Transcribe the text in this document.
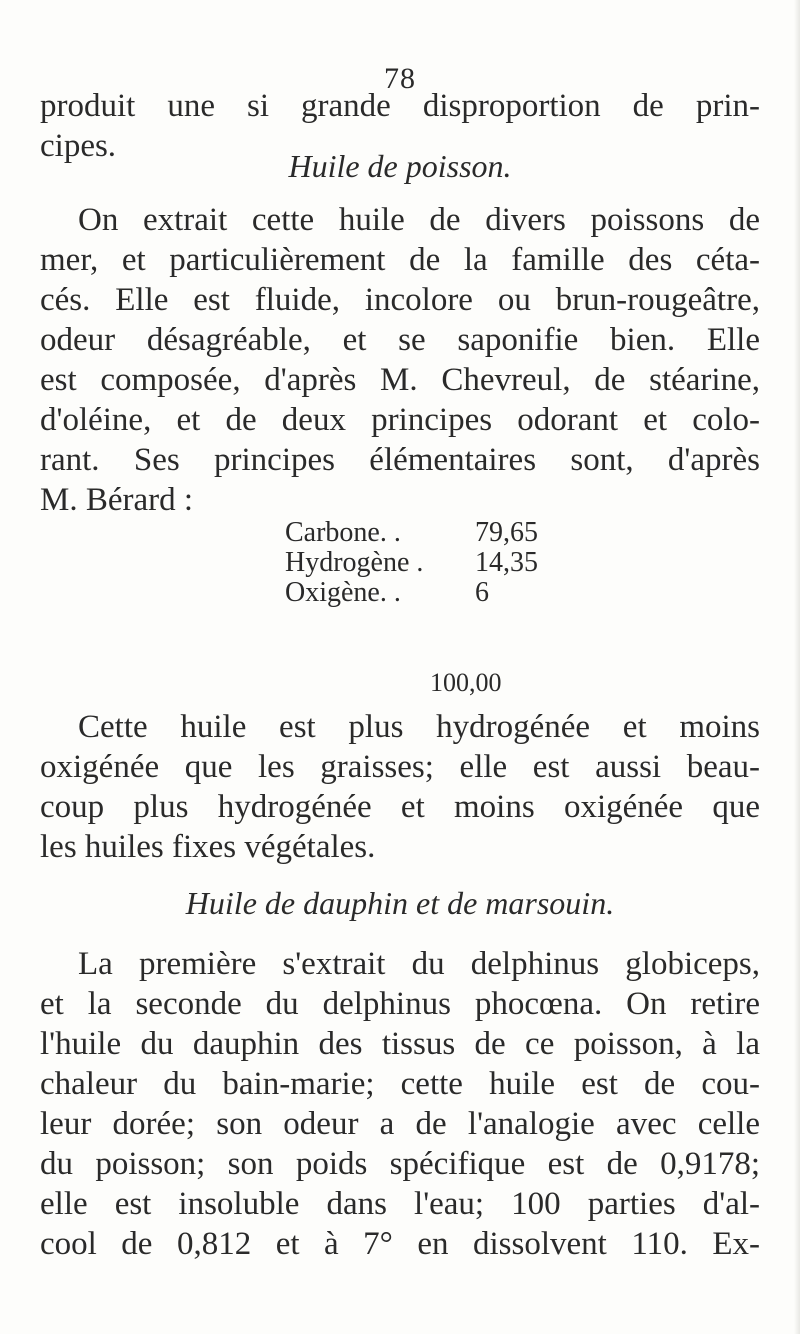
78
produit une si grande disproportion de prin-
cipes.
Huile de poisson.
On extrait cette huile de divers poissons de
mer, et particulièrement de la famille des céta-
cés. Elle est fluide, incolore ou brun-rougeâtre,
odeur désagréable, et se saponifie bien. Elle
est composée, d'après M. Chevreul, de stéarine,
d'oléine, et de deux principes odorant et colo-
rant. Ses principes élémentaires sont, d'après
M. Bérard :
Carbone. .	79,65
Hydrogène .	14,35
Oxigène. .	6
100,00
Cette huile est plus hydrogénée et moins
oxigénée que les graisses; elle est aussi beau-
coup plus hydrogénée et moins oxigénée que
les huiles fixes végétales.
Huile de dauphin et de marsouin.
La première s'extrait du delphinus globiceps,
et la seconde du delphinus phocœna. On retire
l'huile du dauphin des tissus de ce poisson, à la
chaleur du bain-marie; cette huile est de cou-
leur dorée; son odeur a de l'analogie avec celle
du poisson; son poids spécifique est de 0,9178;
elle est insoluble dans l'eau; 100 parties d'al-
cool de 0,812 et à 7° en dissolvent 110. Ex-
